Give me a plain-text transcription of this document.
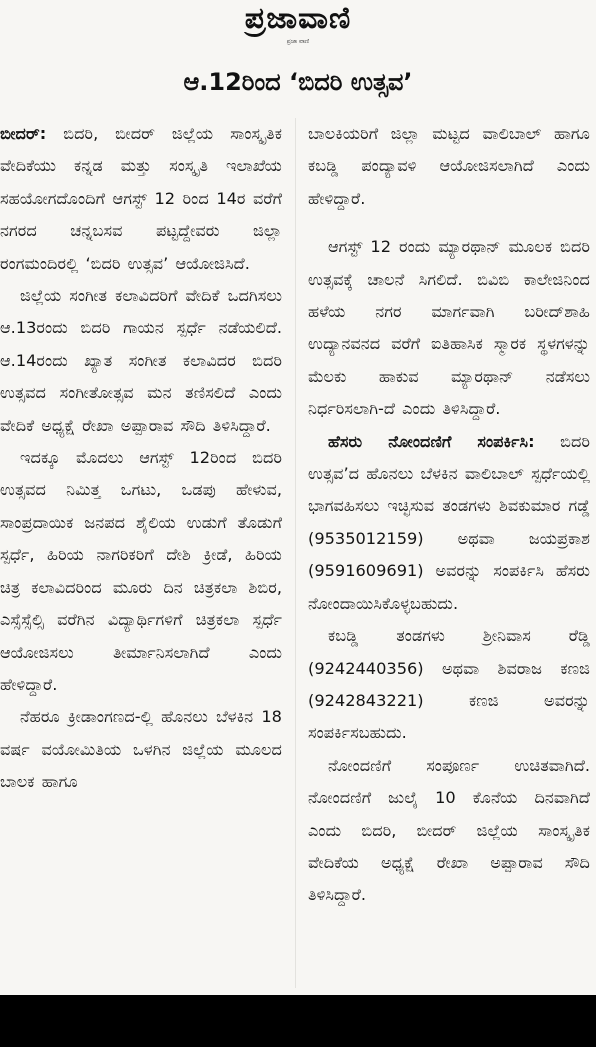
ಪ್ರಜಾವಾಣಿ
ಪ್ರಜಾ ವಾಣಿ
ಆ.12ರಿಂದ ‘ಬಿದರಿ ಉತ್ಸವ’

ಬೀದರ್: ಬಿದರಿ, ಬೀದರ್ ಜಿಲ್ಲೆಯ ಸಾಂಸ್ಕೃತಿಕ ವೇದಿಕೆಯು ಕನ್ನಡ ಮತ್ತು ಸಂಸ್ಕೃತಿ ಇಲಾಖೆಯ ಸಹಯೋಗದೊಂದಿಗೆ ಆಗಸ್ಟ್ 12 ರಿಂದ 14ರ ವರೆಗೆ ನಗರದ ಚನ್ನಬಸವ ಪಟ್ಟದ್ದೇವರು ಜಿಲ್ಲಾ ರಂಗಮಂದಿರಲ್ಲಿ ‘ಬಿದರಿ ಉತ್ಸವ’ ಆಯೋಜಿಸಿದೆ.

ಜಿಲ್ಲೆಯ ಸಂಗೀತ ಕಲಾವಿದರಿಗೆ ವೇದಿಕೆ ಒದಗಿಸಲು ಆ.13ರಂದು ಬಿದರಿ ಗಾಯನ ಸ್ಪರ್ಧೆ ನಡೆಯಲಿದೆ. ಆ.14ರಂದು ಖ್ಯಾತ ಸಂಗೀತ ಕಲಾವಿದರ ಬಿದರಿ ಉತ್ಸವದ ಸಂಗೀತೋತ್ಸವ ಮನ ತಣಿಸಲಿದೆ ಎಂದು ವೇದಿಕೆ ಅಧ್ಯಕ್ಷೆ ರೇಖಾ ಅಪ್ಪಾರಾವ ಸೌದಿ ತಿಳಿಸಿದ್ದಾರೆ.

ಇದಕ್ಕೂ ಮೊದಲು ಆಗಸ್ಟ್ 12ರಿಂದ ಬಿದರಿ ಉತ್ಸವದ ನಿಮಿತ್ತ ಒಗಟು, ಒಡಪು ಹೇಳುವ, ಸಾಂಪ್ರದಾಯಿಕ ಜನಪದ ಶೈಲಿಯ ಉಡುಗೆ ತೊಡುಗೆ ಸ್ಪರ್ಧೆ, ಹಿರಿಯ ನಾಗರಿಕರಿಗೆ ದೇಶಿ ಕ್ರೀಡೆ, ಹಿರಿಯ ಚಿತ್ರ ಕಲಾವಿದರಿಂದ ಮೂರು ದಿನ ಚಿತ್ರಕಲಾ ಶಿಬಿರ, ಎಸ್ಸೆಸ್ಸೆಲ್ಸಿ ವರೆಗಿನ ವಿದ್ಯಾರ್ಥಿಗಳಿಗೆ ಚಿತ್ರಕಲಾ ಸ್ಪರ್ಧೆ ಆಯೋಜಿಸಲು ತೀರ್ಮಾನಿಸಲಾಗಿದೆ ಎಂದು ಹೇಳಿದ್ದಾರೆ.

ನೆಹರೂ ಕ್ರೀಡಾಂಗಣದ-ಲ್ಲಿ ಹೊನಲು ಬೆಳಕಿನ 18 ವರ್ಷ ವಯೋಮಿತಿಯ ಒಳಗಿನ ಜಿಲ್ಲೆಯ ಮೂಲದ ಬಾಲಕ ಹಾಗೂ

ಬಾಲಕಿಯರಿಗೆ ಜಿಲ್ಲಾ ಮಟ್ಟದ ವಾಲಿಬಾಲ್ ಹಾಗೂ ಕಬಡ್ಡಿ ಪಂದ್ಯಾವಳಿ ಆಯೋಜಿಸಲಾಗಿದೆ ಎಂದು ಹೇಳಿದ್ದಾರೆ.

ಆಗಸ್ಟ್ 12 ರಂದು ಮ್ಯಾರಥಾನ್ ಮೂಲಕ ಬಿದರಿ ಉತ್ಸವಕ್ಕೆ ಚಾಲನೆ ಸಿಗಲಿದೆ. ಬಿವಿಬಿ ಕಾಲೇಜಿನಿಂದ ಹಳೆಯ ನಗರ ಮಾರ್ಗವಾಗಿ ಬರೀದ್‌ಶಾಹಿ ಉದ್ಯಾನವನದ ವರೆಗೆ ಐತಿಹಾಸಿಕ ಸ್ಮಾರಕ ಸ್ಥಳಗಳನ್ನು ಮೆಲಕು ಹಾಕುವ ಮ್ಯಾರಥಾನ್ ನಡೆಸಲು ನಿರ್ಧರಿಸಲಾಗಿ-ದೆ ಎಂದು ತಿಳಿಸಿದ್ದಾರೆ.

ಹೆಸರು ನೋಂದಣಿಗೆ ಸಂಪರ್ಕಿಸಿ: ಬಿದರಿ ಉತ್ಸವ’ದ ಹೊನಲು ಬೆಳಕಿನ ವಾಲಿಬಾಲ್ ಸ್ಪರ್ಧೆಯಲ್ಲಿ ಭಾಗವಹಿಸಲು ಇಚ್ಛಿಸುವ ತಂಡಗಳು ಶಿವಕುಮಾರ ಗಡ್ಡೆ (9535012159) ಅಥವಾ ಜಯಪ್ರಕಾಶ (9591609691) ಅವರನ್ನು ಸಂಪರ್ಕಿಸಿ ಹೆಸರು ನೋಂದಾಯಿಸಿಕೊಳ್ಳಬಹುದು.

ಕಬಡ್ಡಿ ತಂಡಗಳು ಶ್ರೀನಿವಾಸ ರೆಡ್ಡಿ (9242440356) ಅಥವಾ ಶಿವರಾಜ ಕಣಜಿ (9242843221) ಕಣಜಿ ಅವರನ್ನು ಸಂಪರ್ಕಿಸಬಹುದು.

ನೋಂದಣಿಗೆ ಸಂಪೂರ್ಣ ಉಚಿತವಾಗಿದೆ. ನೋಂದಣಿಗೆ ಜುಲೈ 10 ಕೊನೆಯ ದಿನವಾಗಿದೆ ಎಂದು ಬಿದರಿ, ಬೀದರ್ ಜಿಲ್ಲೆಯ ಸಾಂಸ್ಕೃತಿಕ ವೇದಿಕೆಯ ಅಧ್ಯಕ್ಷೆ ರೇಖಾ ಅಪ್ಪಾರಾವ ಸೌದಿ ತಿಳಿಸಿದ್ದಾರೆ.
